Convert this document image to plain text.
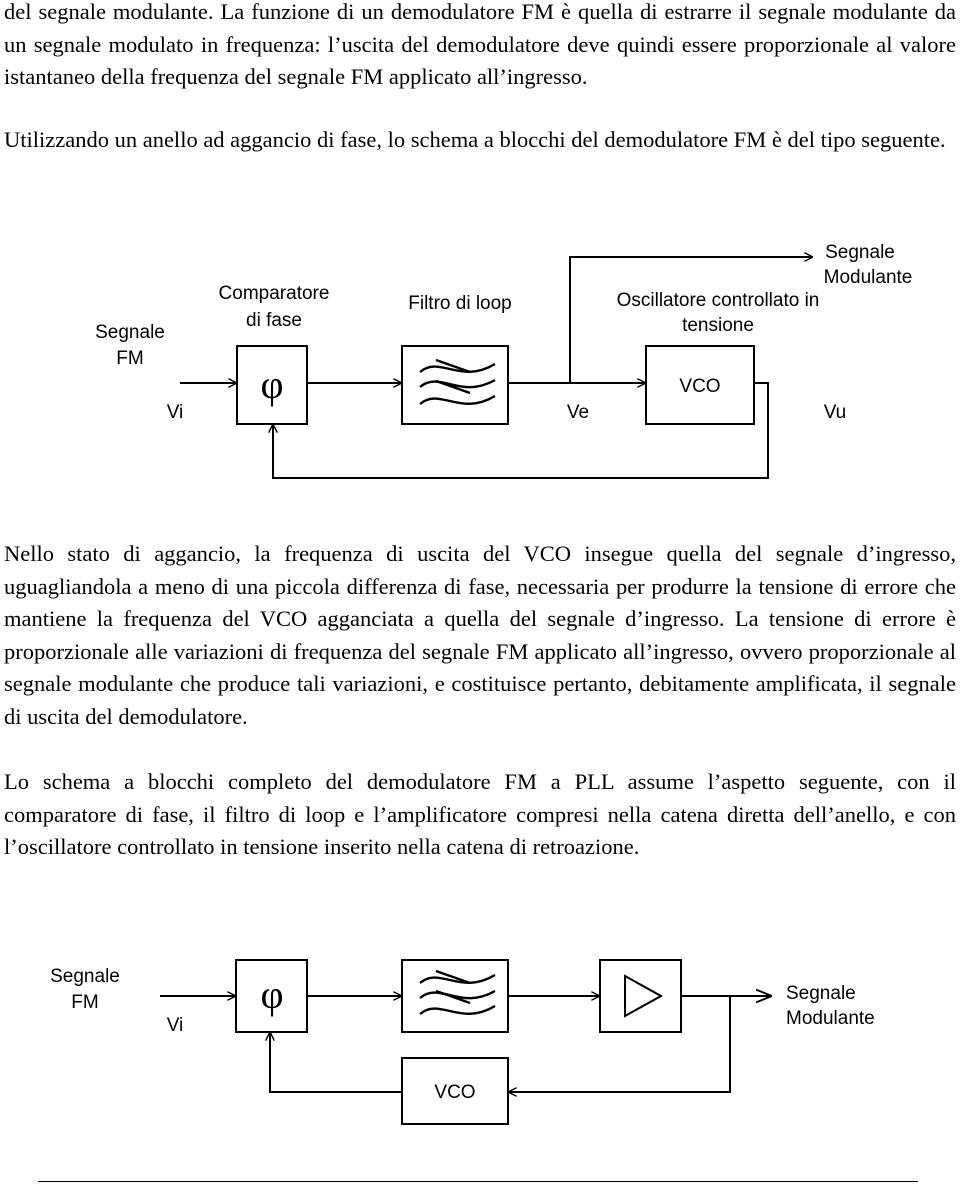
del segnale modulante. La funzione di un demodulatore FM è quella di estrarre il segnale modulante da un segnale modulato in frequenza: l’uscita del demodulatore deve quindi essere proporzionale al valore istantaneo della frequenza del segnale FM applicato all’ingresso.

Utilizzando un anello ad aggancio di fase, lo schema a blocchi del demodulatore FM è del tipo seguente.

Nello stato di aggancio, la frequenza di uscita del VCO insegue quella del segnale d’ingresso, uguagliandola a meno di una piccola differenza di fase, necessaria per produrre la tensione di errore che mantiene la frequenza del VCO agganciata a quella del segnale d’ingresso. La tensione di errore è proporzionale alle variazioni di frequenza del segnale FM applicato all’ingresso, ovvero proporzionale al segnale modulante che produce tali variazioni, e costituisce pertanto, debitamente amplificata, il segnale di uscita del demodulatore.

Lo schema a blocchi completo del demodulatore FM a PLL assume l’aspetto seguente, con il comparatore di fase, il filtro di loop e l’amplificatore compresi nella catena diretta dell’anello, e con l’oscillatore controllato in tensione inserito nella catena di retroazione.

Segnale
FM
Vi
Comparatore
di fase
φ
Filtro di loop
Ve
Oscillatore controllato in
tensione
VCO
Vu
Segnale
Modulante
Segnale
FM
Vi
φ
VCO
Segnale
Modulante
